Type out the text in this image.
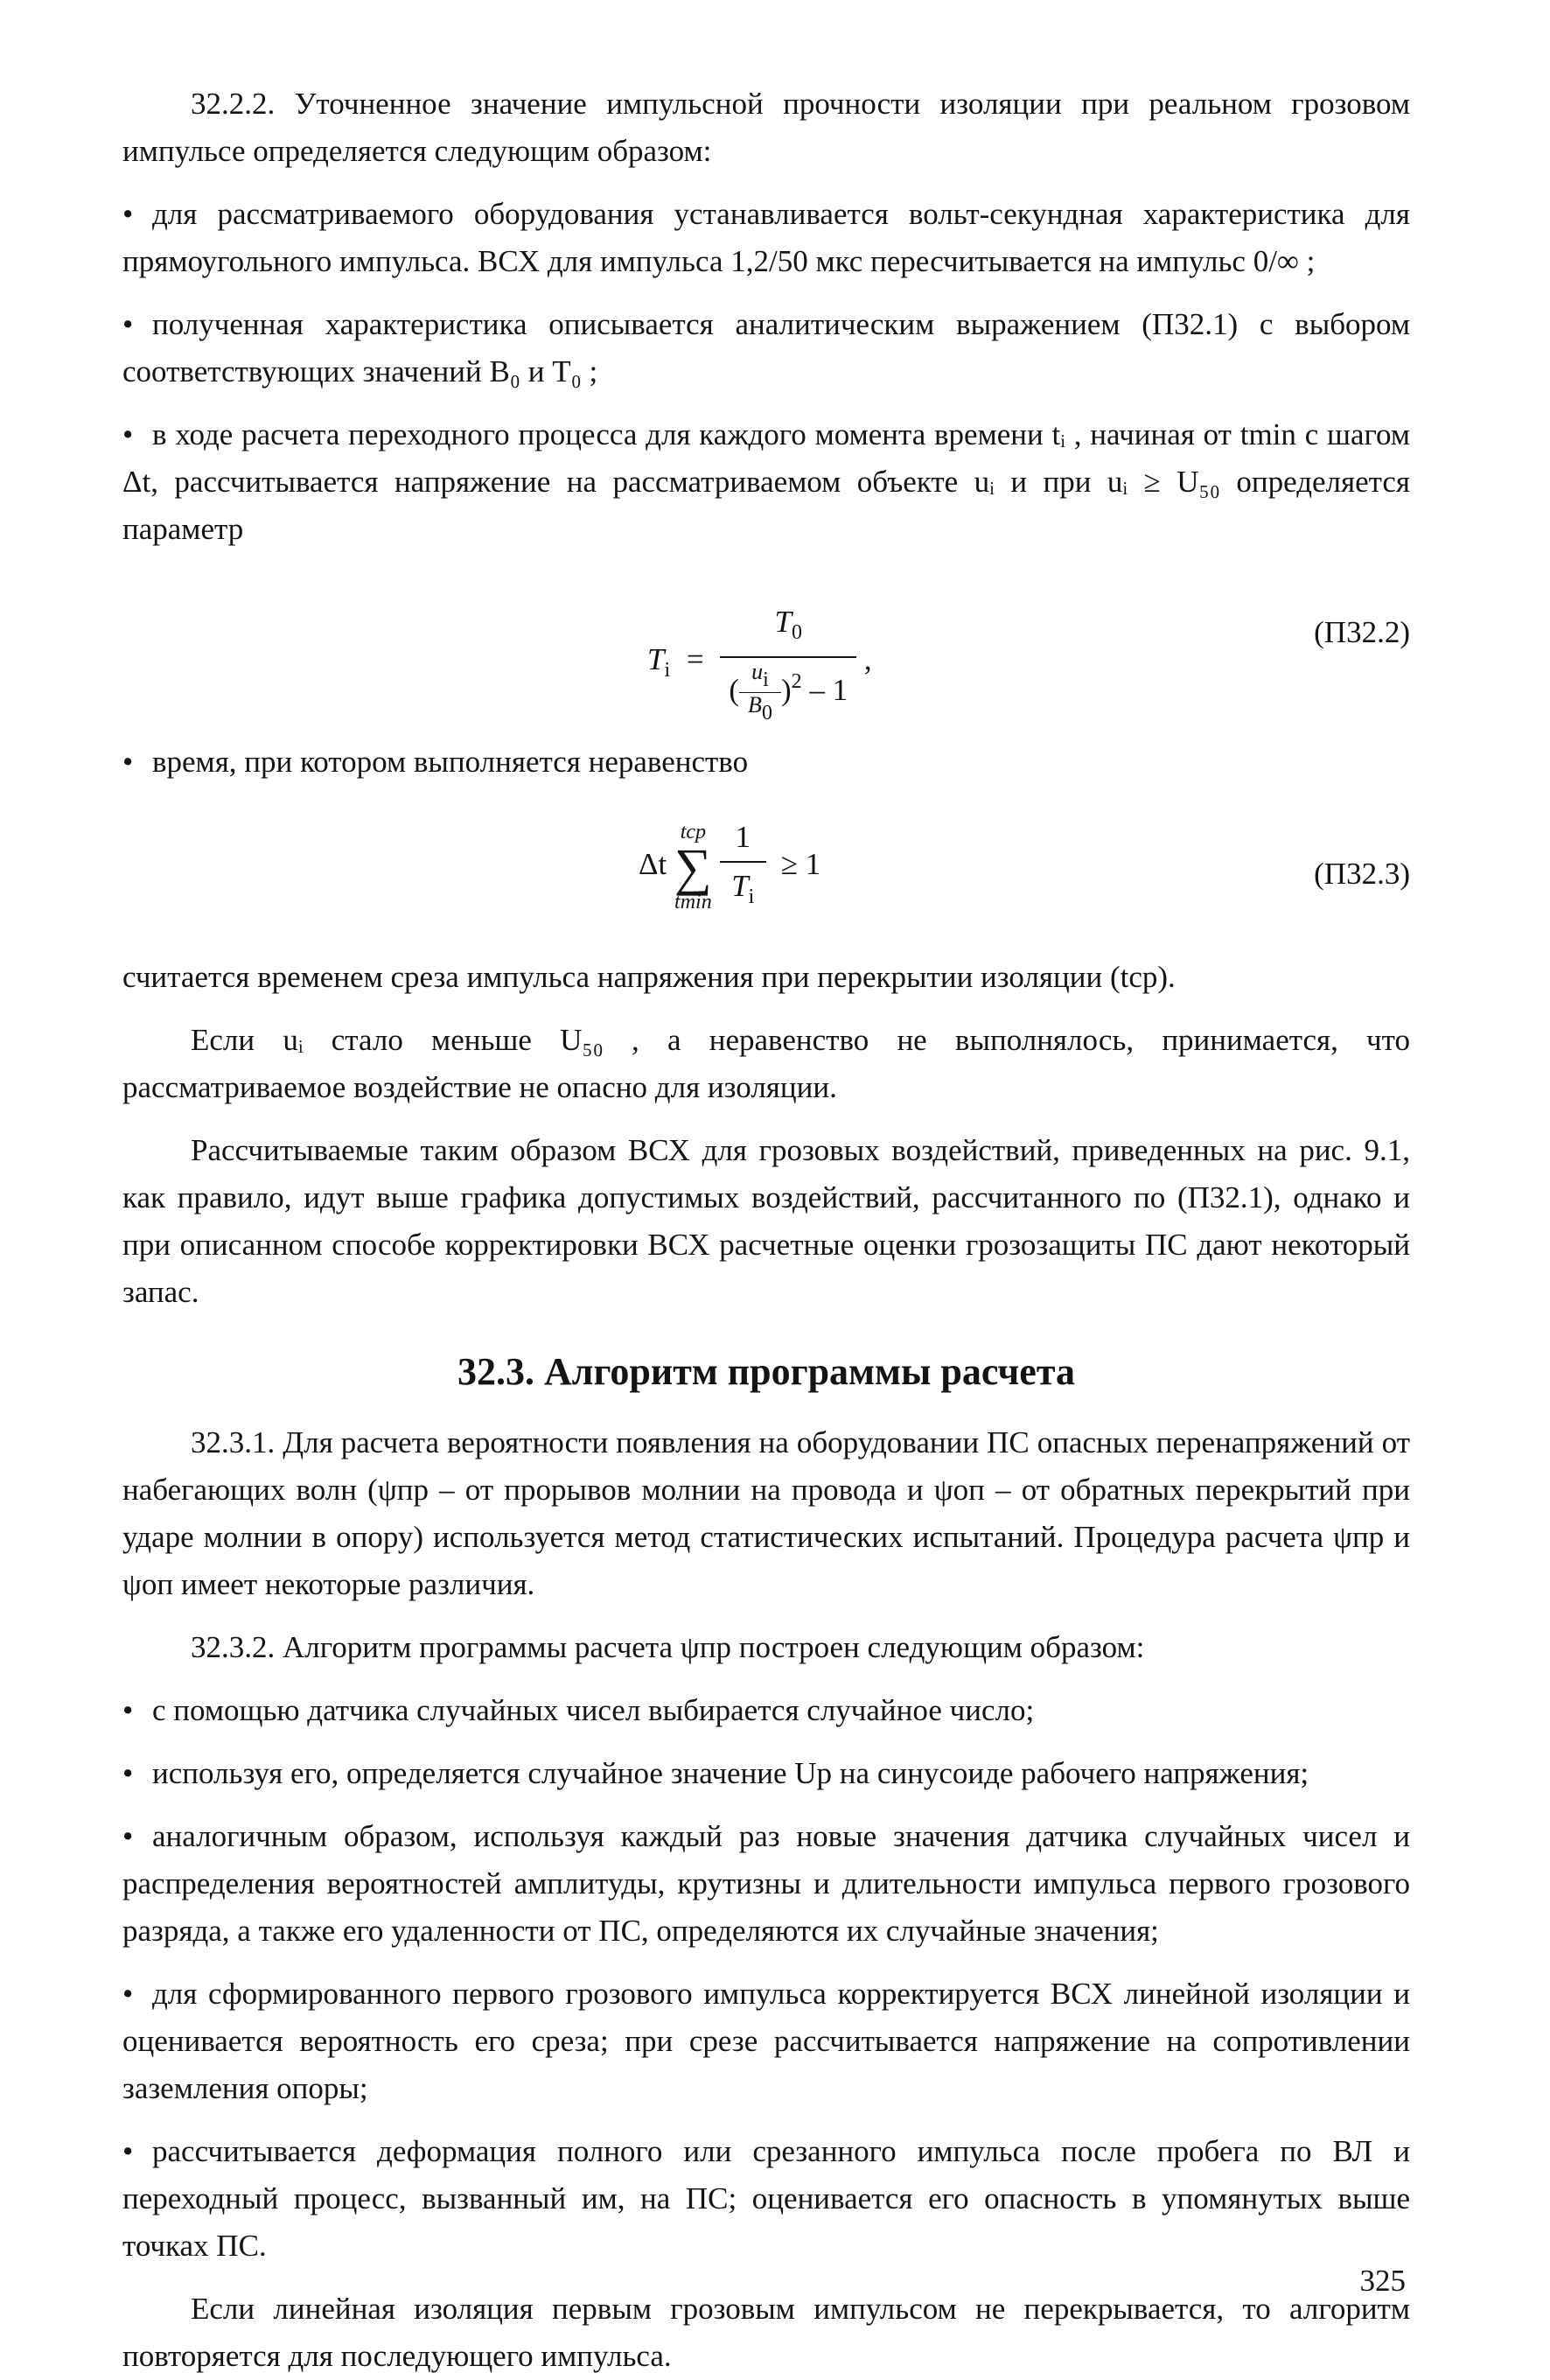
32.2.2. Уточненное значение импульсной прочности изоляции при реальном грозовом импульсе определяется следующим образом:

• для рассматриваемого оборудования устанавливается вольт-секундная характеристика для прямоугольного импульса. ВСХ для импульса 1,2/50 мкс пересчитывается на импульс 0/∞ ;

• полученная характеристика описывается аналитическим выражением (П32.1) с выбором соответствующих значений B₀ и T₀ ;

• в ходе расчета переходного процесса для каждого момента времени tᵢ , начиная от tmin с шагом Δt, рассчитывается напряжение на рассматриваемом объекте uᵢ и при uᵢ ≥ U₅₀ определяется параметр

$T_i = \frac{T_0}{( \frac{ui}{B0} )^2 - 1}$ ,
(П32.2)

• время, при котором выполняется неравенство

Δt
tср
∑
tmin
$\frac{1}{T_i} \ge 1$	(П32.3)

считается временем среза импульса напряжения при перекрытии изоляции (tср).

Если uᵢ стало меньше U₅₀ , а неравенство не выполнялось, принимается, что рассматриваемое воздействие не опасно для изоляции.

Рассчитываемые таким образом ВСХ для грозовых воздействий, приведенных на рис. 9.1, как правило, идут выше графика допустимых воздействий, рассчитанного по (П32.1), однако и при описанном способе корректировки ВСХ расчетные оценки грозозащиты ПС дают некоторый запас.

32.3. Алгоритм программы расчета

32.3.1. Для расчета вероятности появления на оборудовании ПС опасных перенапряжений от набегающих волн (ψпр – от прорывов молнии на провода и ψоп – от обратных перекрытий при ударе молнии в опору) используется метод статистических испытаний. Процедура расчета ψпр и ψоп имеет некоторые различия.

32.3.2. Алгоритм программы расчета ψпр построен следующим образом:

• с помощью датчика случайных чисел выбирается случайное число;

• используя его, определяется случайное значение Uр на синусоиде рабочего напряжения;

• аналогичным образом, используя каждый раз новые значения датчика случайных чисел и распределения вероятностей амплитуды, крутизны и длительности импульса первого грозового разряда, а также его удаленности от ПС, определяются их случайные значения;

• для сформированного первого грозового импульса корректируется ВСХ линейной изоляции и оценивается вероятность его среза; при срезе рассчитывается напряжение на сопротивлении заземления опоры;

• рассчитывается деформация полного или срезанного импульса после пробега по ВЛ и переходный процесс, вызванный им, на ПС; оценивается его опасность в упомянутых выше точках ПС.

Если линейная изоляция первым грозовым импульсом не перекрывается, то алгоритм повторяется для последующего импульса.

325
